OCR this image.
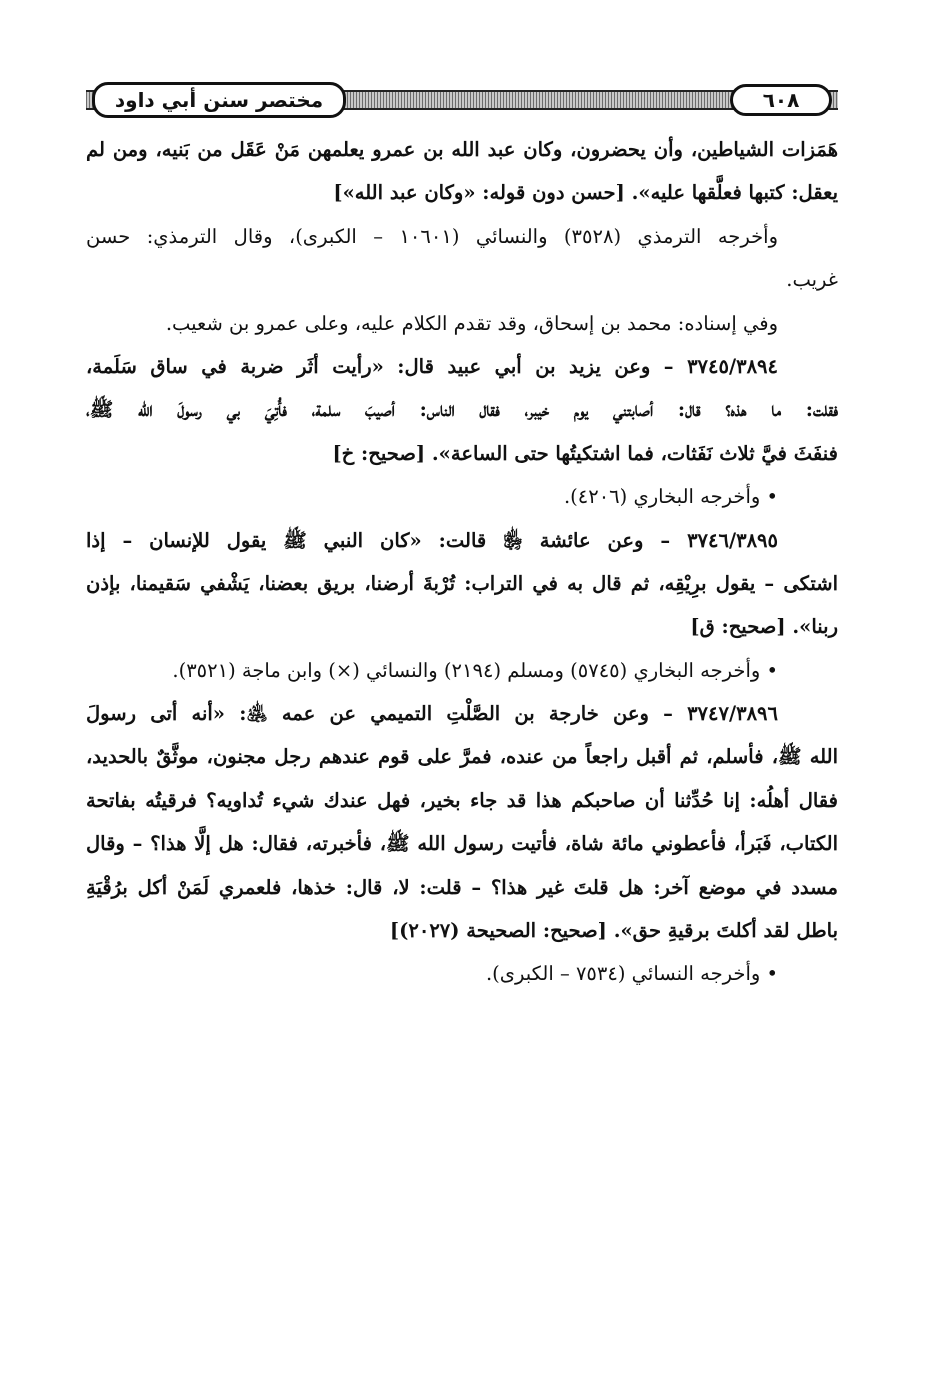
مختصر سنن أبي داود	٦٠٨
هَمَزات الشياطين، وأن يحضرون، وكان عبد الله بن عمرو يعلمهن مَنْ عَقَل من بَنيه، ومن لم
يعقل: كتبها فعلَّقها عليه». [حسن دون قوله: «وكان عبد الله»]
وأخرجه الترمذي (٣٥٢٨) والنسائي (١٠٦٠١ – الكبرى)، وقال الترمذي: حسن
غريب.
وفي إسناده: محمد بن إسحاق، وقد تقدم الكلام عليه، وعلى عمرو بن شعيب.
٣٧٤٥/٣٨٩٤ – وعن يزيد بن أبي عبيد قال: «رأيت أثَر ضربة في ساق سَلَمة،
فقلت: ما هذه؟ قال: أصابتني يوم خيبر، فقال الناس: أصيبَ سلمة، فأُتِيَ بي رسولَ الله ﷺ،
فنفَثَ فيَّ ثلاث نَفَثات، فما اشتكيتُها حتى الساعة». [صحيح: خ]
• وأخرجه البخاري (٤٢٠٦).
٣٧٤٦/٣٨٩٥ – وعن عائشة ﵂ قالت: «كان النبي ﷺ يقول للإنسان – إذا
اشتكى – يقول برِيْقِه، ثم قال به في التراب: تُرْبةَ أرضنا، بريق بعضنا، يَشْفي سَقيمنا، بإذن
ربنا». [صحيح: ق]
• وأخرجه البخاري (٥٧٤٥) ومسلم (٢١٩٤) والنسائي (×) وابن ماجة (٣٥٢١).
٣٧٤٧/٣٨٩٦ – وعن خارجة بن الصَّلْتِ التميمي عن عمه ﵁: «أنه أتى رسولَ
الله ﷺ، فأسلم، ثم أقبل راجعاً من عنده، فمرَّ على قوم عندهم رجل مجنون، موثَّقٌ بالحديد،
فقال أهلُه: إنا حُدِّثنا أن صاحبكم هذا قد جاء بخير، فهل عندك شيء تُداويه؟ فرقيتُه بفاتحة
الكتاب، فَبَرأ، فأعطوني مائة شاة، فأتيت رسول الله ﷺ، فأخبرته، فقال: هل إلَّا هذا؟ – وقال
مسدد في موضع آخر: هل قلتَ غير هذا؟ – قلت: لا، قال: خذها، فلعمري لَمَنْ أكل برُقْيَةِ
باطل لقد أكلتَ برقيةِ حق». [صحيح: الصحيحة (٢٠٢٧)]
• وأخرجه النسائي (٧٥٣٤ – الكبرى).
